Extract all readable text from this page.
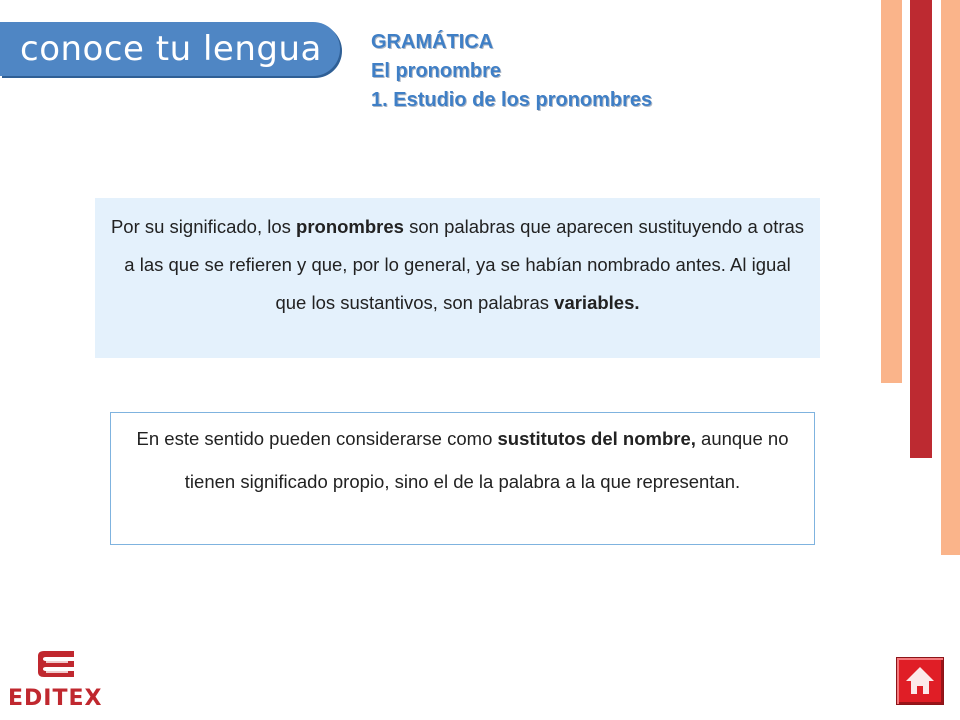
conoce tu lengua GRAMÁTICA
El pronombre
1. Estudio de los pronombres
Por su significado, los pronombres son palabras que aparecen sustituyendo a otras a las que se refieren y que, por lo general, ya se habían nombrado antes. Al igual que los sustantivos, son palabras variables.
En este sentido pueden considerarse como sustitutos del nombre, aunque no tienen significado propio, sino el de la palabra a la que representan.
EDITEX
